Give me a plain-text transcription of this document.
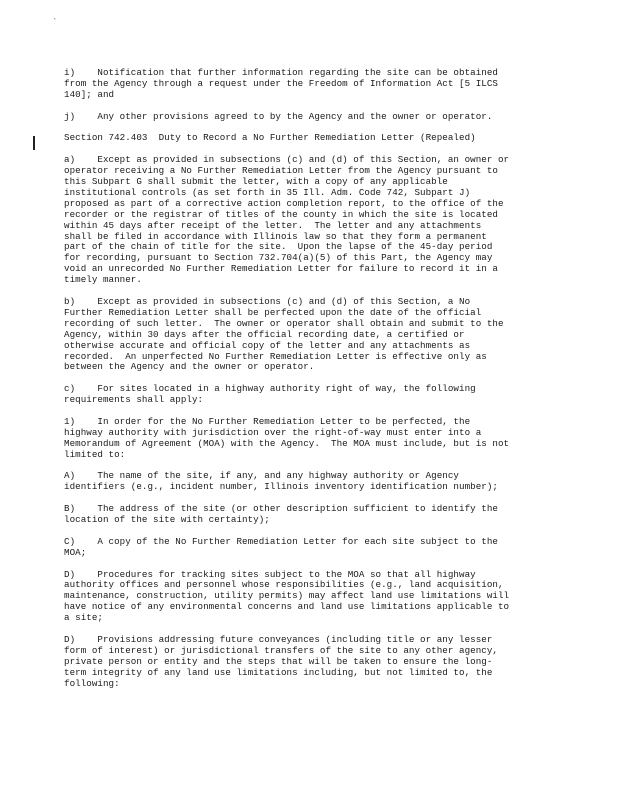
`

i)    Notification that further information regarding the site can be obtained
from the Agency through a request under the Freedom of Information Act [5 ILCS
140]; and

j)    Any other provisions agreed to by the Agency and the owner or operator.

Section 742.403  Duty to Record a No Further Remediation Letter (Repealed)

a)    Except as provided in subsections (c) and (d) of this Section, an owner or
operator receiving a No Further Remediation Letter from the Agency pursuant to
this Subpart G shall submit the letter, with a copy of any applicable
institutional controls (as set forth in 35 Ill. Adm. Code 742, Subpart J)
proposed as part of a corrective action completion report, to the office of the
recorder or the registrar of titles of the county in which the site is located
within 45 days after receipt of the letter.  The letter and any attachments
shall be filed in accordance with Illinois law so that they form a permanent
part of the chain of title for the site.  Upon the lapse of the 45-day period
for recording, pursuant to Section 732.704(a)(5) of this Part, the Agency may
void an unrecorded No Further Remediation Letter for failure to record it in a
timely manner.

b)    Except as provided in subsections (c) and (d) of this Section, a No
Further Remediation Letter shall be perfected upon the date of the official
recording of such letter.  The owner or operator shall obtain and submit to the
Agency, within 30 days after the official recording date, a certified or
otherwise accurate and official copy of the letter and any attachments as
recorded.  An unperfected No Further Remediation Letter is effective only as
between the Agency and the owner or operator.

c)    For sites located in a highway authority right of way, the following
requirements shall apply:

1)    In order for the No Further Remediation Letter to be perfected, the
highway authority with jurisdiction over the right-of-way must enter into a
Memorandum of Agreement (MOA) with the Agency.  The MOA must include, but is not
limited to:

A)    The name of the site, if any, and any highway authority or Agency
identifiers (e.g., incident number, Illinois inventory identification number);

B)    The address of the site (or other description sufficient to identify the
location of the site with certainty);

C)    A copy of the No Further Remediation Letter for each site subject to the
MOA;

D)    Procedures for tracking sites subject to the MOA so that all highway
authority offices and personnel whose responsibilities (e.g., land acquisition,
maintenance, construction, utility permits) may affect land use limitations will
have notice of any environmental concerns and land use limitations applicable to
a site;

D)    Provisions addressing future conveyances (including title or any lesser
form of interest) or jurisdictional transfers of the site to any other agency,
private person or entity and the steps that will be taken to ensure the long-
term integrity of any land use limitations including, but not limited to, the
following:
